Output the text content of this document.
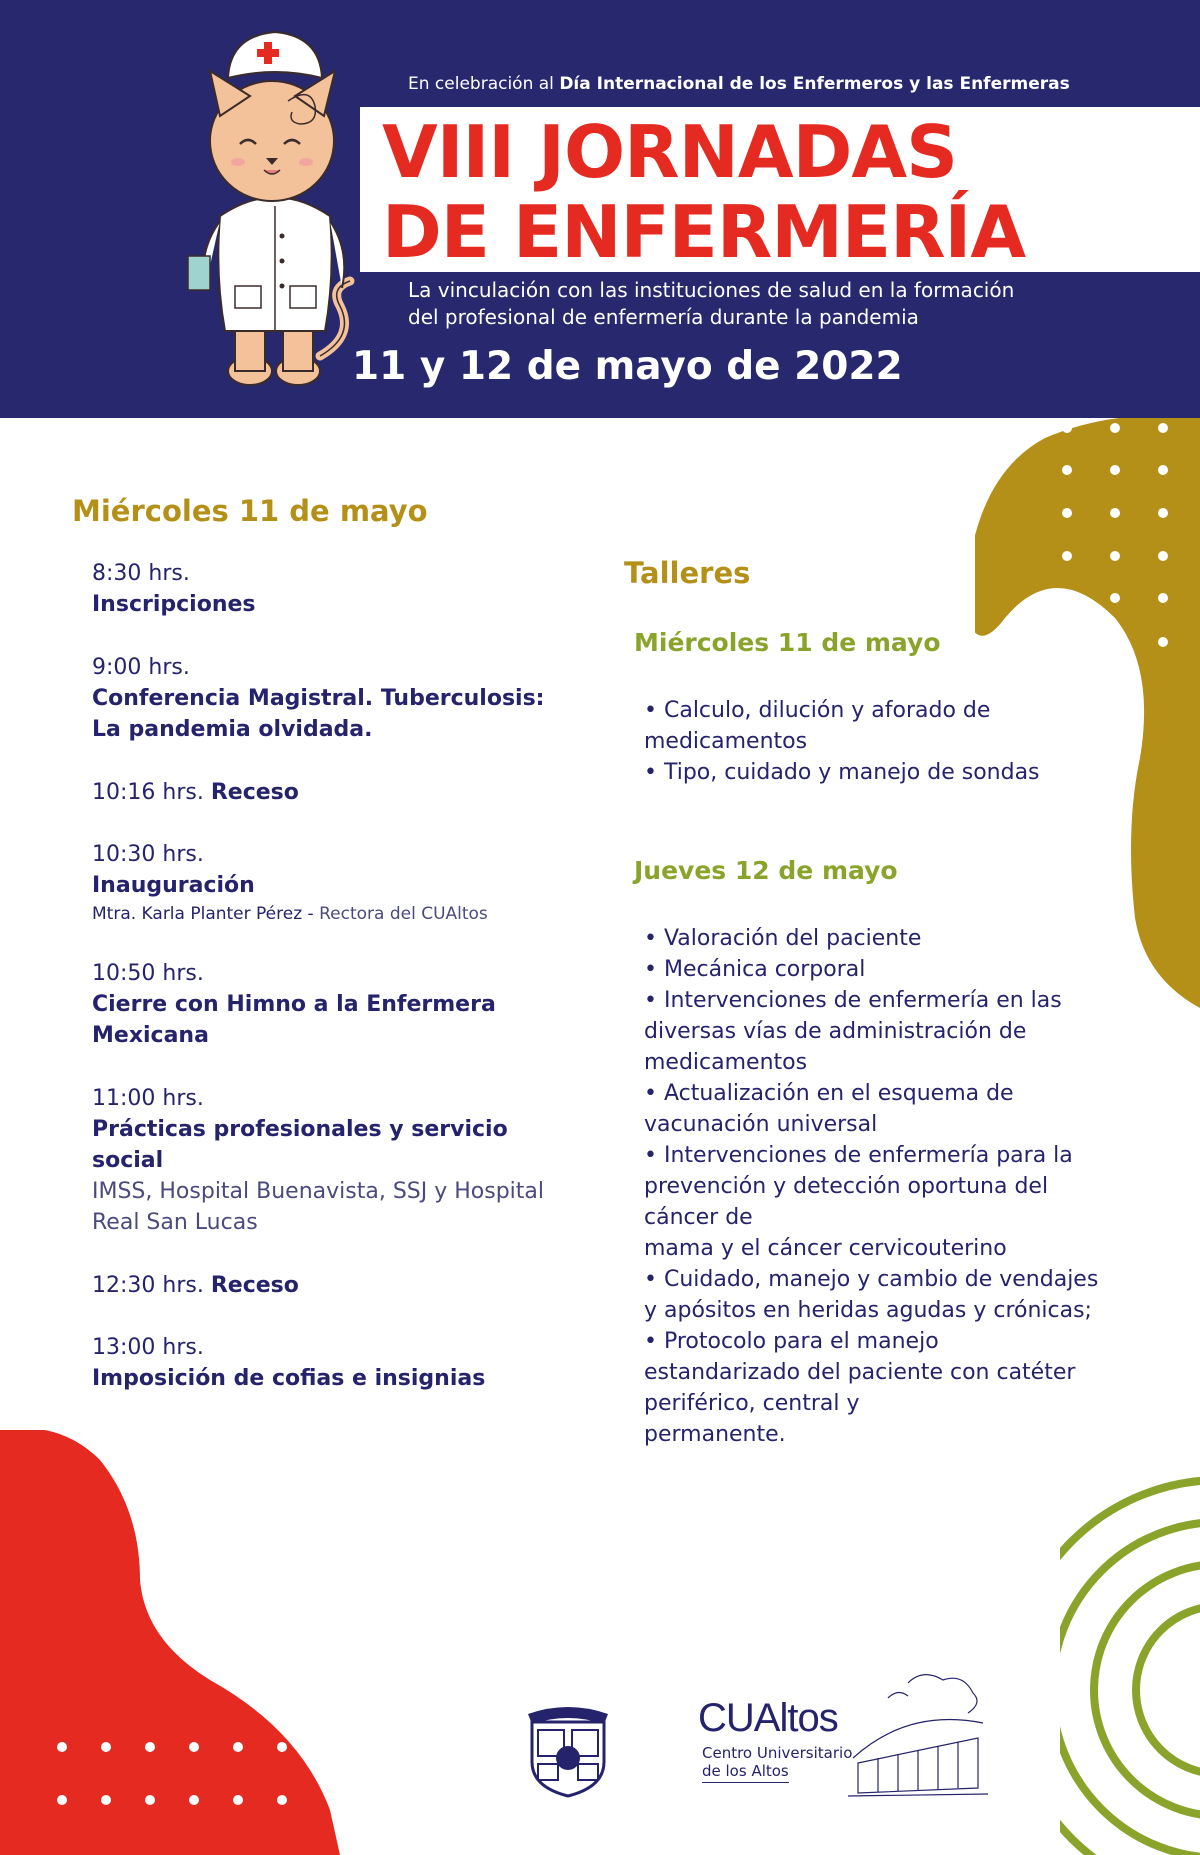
En celebración al Día Internacional de los Enfermeros y las Enfermeras
VIII JORNADAS
DE ENFERMERÍA
La vinculación con las instituciones de salud en la formación
del profesional de enfermería durante la pandemia
11 y 12 de mayo de 2022
Miércoles 11 de mayo
8:30 hrs.
Inscripciones
9:00 hrs.
Conferencia Magistral. Tuberculosis: La pandemia olvidada.
10:16 hrs. Receso
10:30 hrs.
Inauguración
Mtra. Karla Planter Pérez - Rectora del CUAltos
10:50 hrs.
Cierre con Himno a la Enfermera Mexicana
11:00 hrs.
Prácticas profesionales y servicio social
IMSS, Hospital Buenavista, SSJ y Hospital Real San Lucas
12:30 hrs. Receso
13:00 hrs.
Imposición de cofias e insignias
Talleres
Miércoles 11 de mayo
• Calculo, dilución y aforado de
medicamentos
• Tipo, cuidado y manejo de sondas
Jueves 12 de mayo
• Valoración del paciente
• Mecánica corporal
• Intervenciones de enfermería en las
diversas vías de administración de
medicamentos
• Actualización en el esquema de
vacunación universal
• Intervenciones de enfermería para la
prevención y detección oportuna del
cáncer de
mama y el cáncer cervicouterino
• Cuidado, manejo y cambio de vendajes
y apósitos en heridas agudas y crónicas;
• Protocolo para el manejo
estandarizado del paciente con catéter
periférico, central y
permanente.
CUAltos
Centro Universitario
de los Altos
